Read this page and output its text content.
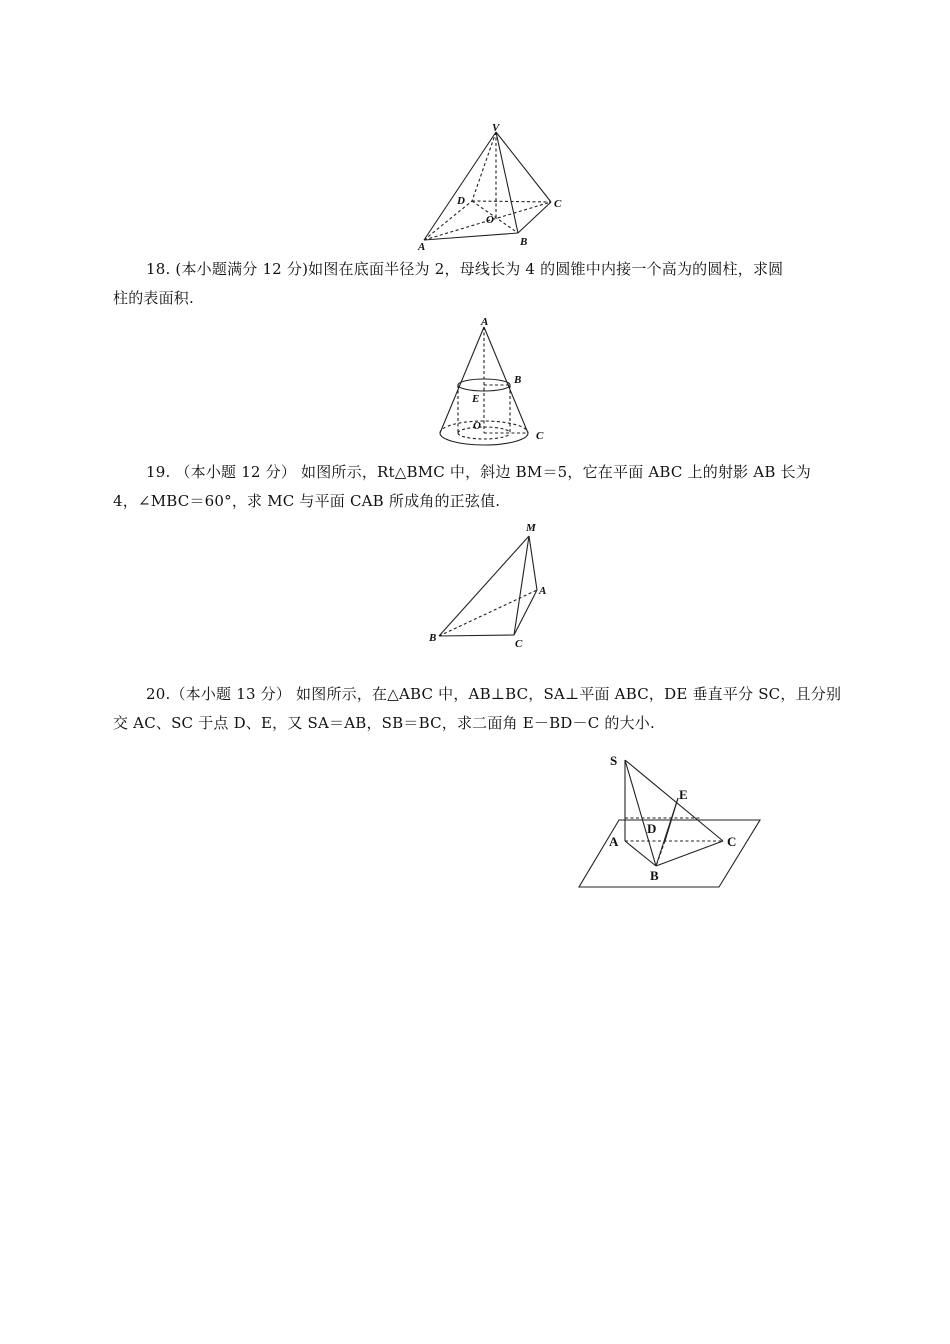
V
D	C
O
A	B
18. (本小题满分 12 分)如图在底面半径为 2，母线长为 4 的圆锥中内接一个高为的圆柱，求圆
柱的表面积.
A
B
E
O
C
19. （本小题 12 分） 如图所示，Rt△BMC 中，斜边 BM＝5，它在平面 ABC 上的射影 AB 长为
4，∠MBC＝60°，求 MC 与平面 CAB 所成角的正弦值.
M
A
B	C
20.（本小题 13 分） 如图所示，在△ABC 中，AB⊥BC，SA⊥平面 ABC，DE 垂直平分 SC，且分别
交 AC、SC 于点 D、E，又 SA＝AB，SB＝BC，求二面角 E－BD－C 的大小.
S
E
D
A	C
B
